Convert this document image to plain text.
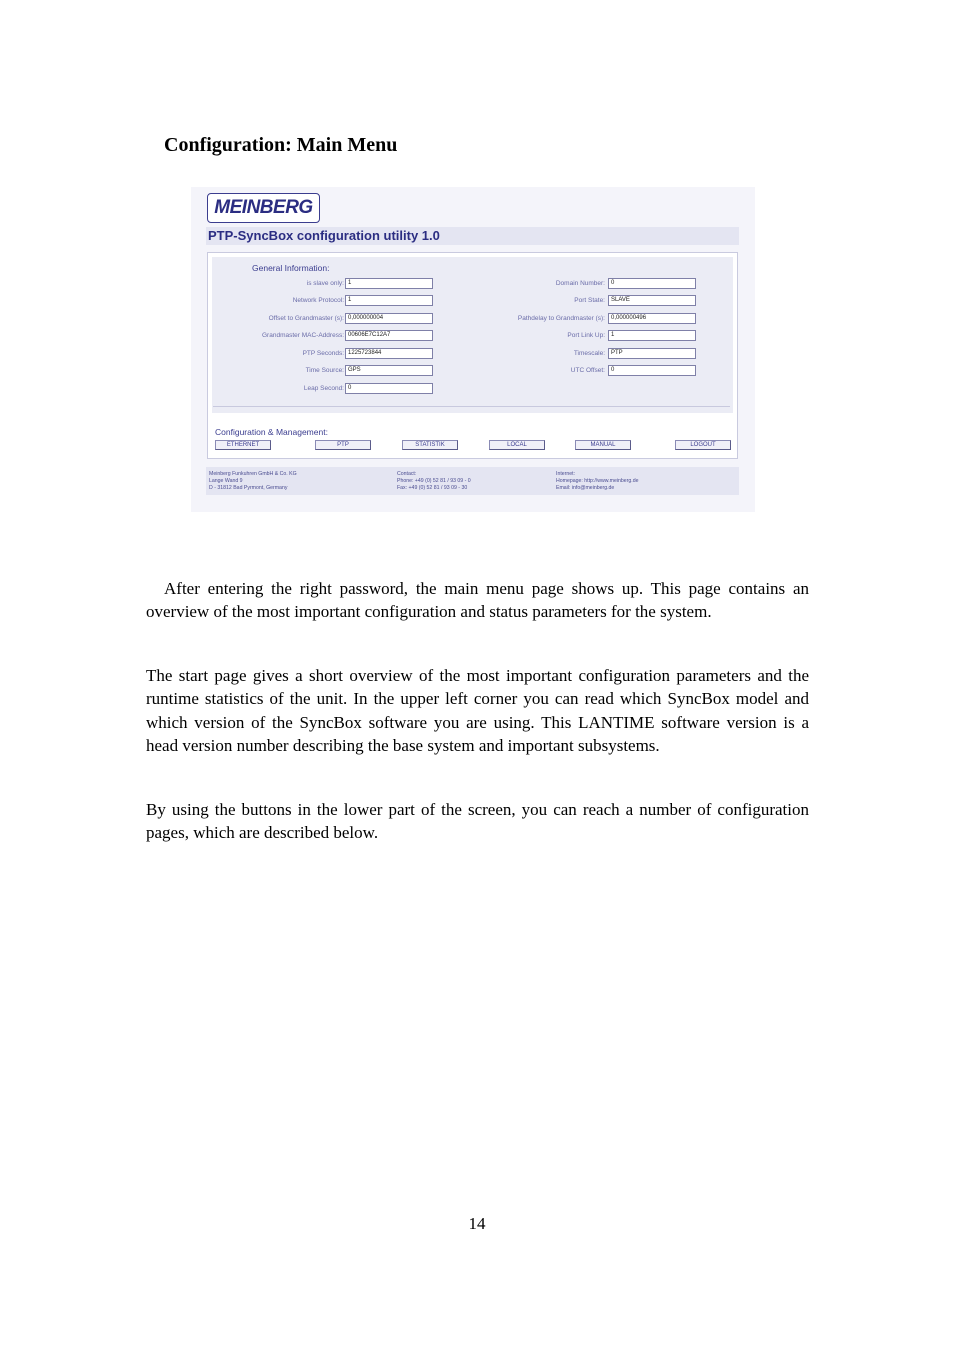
Configuration: Main Menu
MEINBERG
PTP-SyncBox configuration utility 1.0
General Information:
is slave only: 1
Network Protocol: 1
Offset to Grandmaster (s): 0,000000004
Grandmaster MAC-Address: 00606E7C12A7
PTP Seconds: 1225723844
Time Source: GPS
Leap Second: 0
Domain Number:	0
Port State:	SLAVE
Pathdelay to Grandmaster (s):	0,000000496
Port Link Up:	1
Timescale:	PTP
UTC Offset:	0
Configuration & Management:
ETHERNET	PTP	STATISTIK	LOCAL	MANUAL	LOGOUT
Meinberg Funkuhren GmbH & Co. KG
Lange Wand 9
D - 31812 Bad Pyrmont, Germany
Contact:
Phone: +49 (0) 52 81 / 93 09 - 0
Fax: +49 (0) 52 81 / 93 09 - 30
Internet:
Homepage: http://www.meinberg.de
Email: info@meinberg.de

After entering the right password, the main menu page shows up. This page contains an overview of the most important configuration and status parameters for the system.

The start page gives a short overview of the most important configuration parameters and the runtime statistics of the unit. In the upper left corner you can read which SyncBox model and which version of the SyncBox software you are using. This LANTIME software version is a head version number describing the base system and important subsystems.

By using the buttons in the lower part of the screen, you can reach a number of configuration pages, which are described below.

14
